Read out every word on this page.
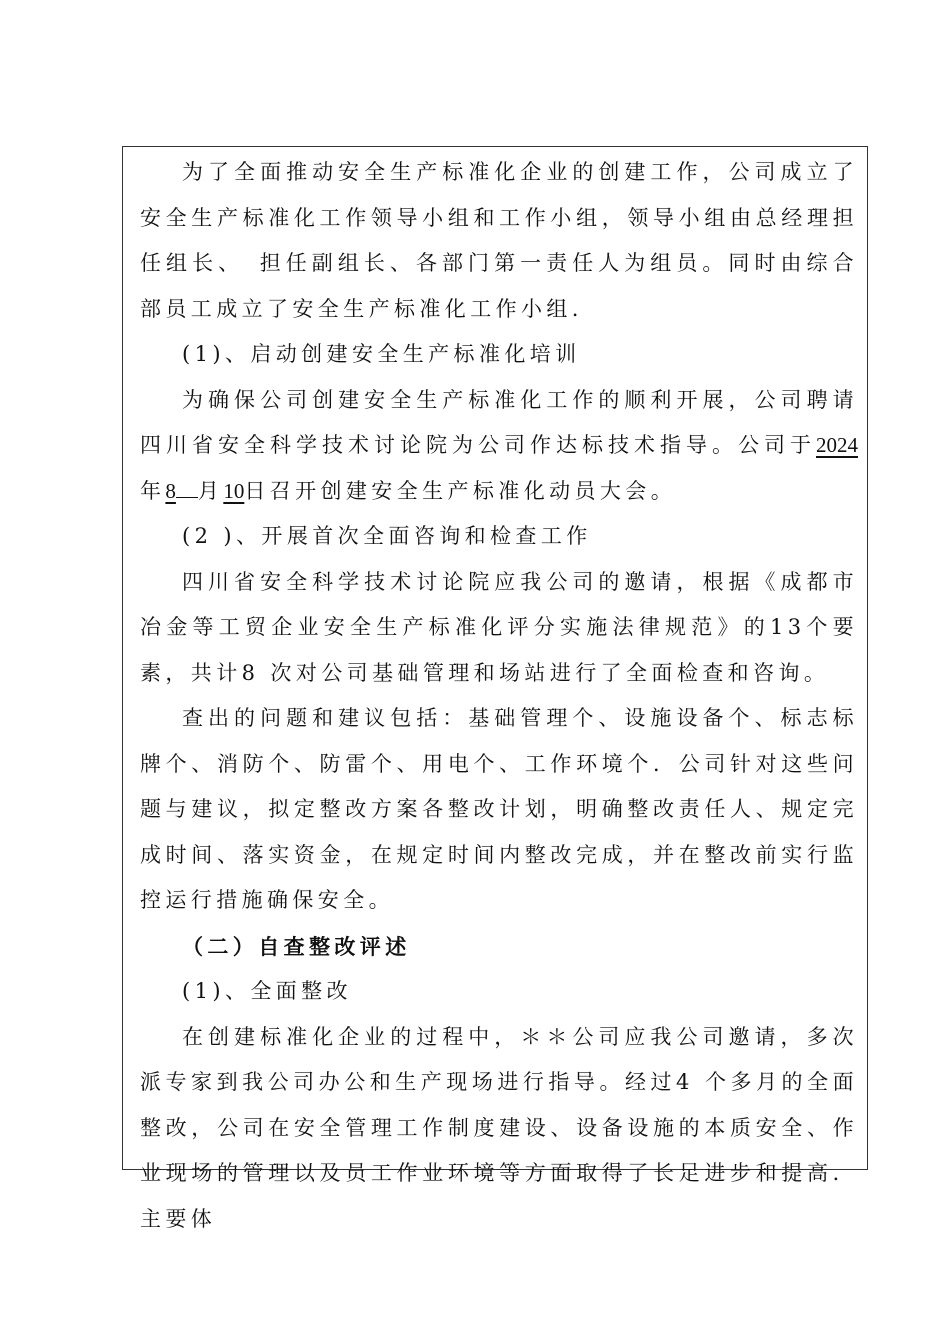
为了全面推动安全生产标准化企业的创建工作，公司成立了安全生产标准化工作领导小组和工作小组，领导小组由总经理担任组长、　担任副组长、各部门第一责任人为组员。同时由综合部员工成立了安全生产标准化工作小组.

(1)、启动创建安全生产标准化培训

为确保公司创建安全生产标准化工作的顺利开展，公司聘请四川省安全科学技术讨论院为公司作达标技术指导。公司于2024年8 月10日召开创建安全生产标准化动员大会。

(2 )、开展首次全面咨询和检查工作

四川省安全科学技术讨论院应我公司的邀请，根据《成都市冶金等工贸企业安全生产标准化评分实施法律规范》的13个要素，共计8 次对公司基础管理和场站进行了全面检查和咨询。

查出的问题和建议包括：基础管理个、设施设备个、标志标牌个、消防个、防雷个、用电个、工作环境个．公司针对这些问题与建议，拟定整改方案各整改计划，明确整改责任人、规定完成时间、落实资金，在规定时间内整改完成，并在整改前实行监控运行措施确保安全。

（二）自查整改评述

(1)、全面整改

在创建标准化企业的过程中，＊＊公司应我公司邀请，多次派专家到我公司办公和生产现场进行指导。经过4 个多月的全面整改，公司在安全管理工作制度建设、设备设施的本质安全、作业现场的管理以及员工作业环境等方面取得了长足进步和提高．主要体
